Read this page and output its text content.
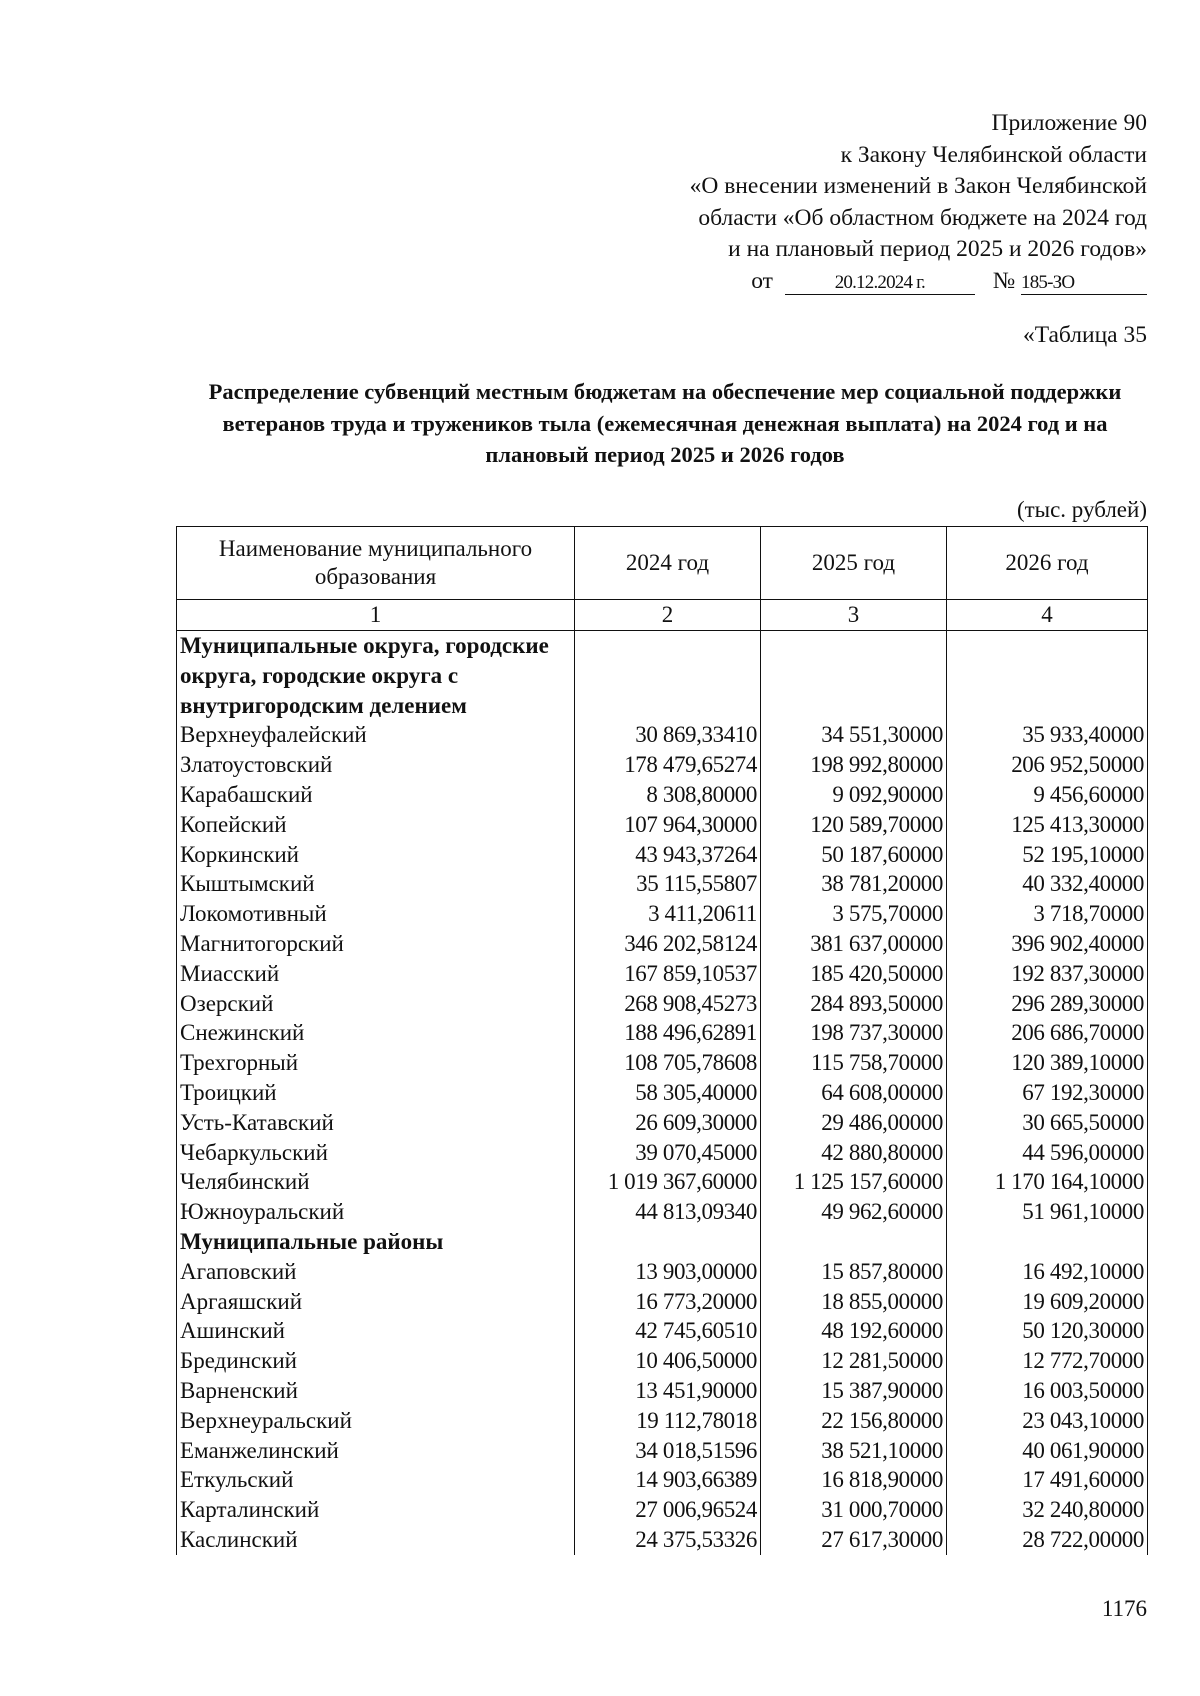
Приложение 90
к Закону Челябинской области
«О внесении изменений в Закон Челябинской
области «Об областном бюджете на 2024 год
и на плановый период 2025 и 2026 годов»
от	20.12.2024 г.	№ 185-ЗО
«Таблица 35
Распределение субвенций местным бюджетам на обеспечение мер социальной поддержки ветеранов труда и тружеников тыла (ежемесячная денежная выплата) на 2024 год и на плановый период 2025 и 2026 годов
(тыс. рублей)
Наименование муниципального образования	2024 год	2025 год	2026 год
1	2	3	4
Муниципальные округа, городские округа, городские округа с внутригородским делением			
Верхнеуфалейский	30 869,33410	34 551,30000	35 933,40000
Златоустовский	178 479,65274	198 992,80000	206 952,50000
Карабашский	8 308,80000	9 092,90000	9 456,60000
Копейский	107 964,30000	120 589,70000	125 413,30000
Коркинский	43 943,37264	50 187,60000	52 195,10000
Кыштымский	35 115,55807	38 781,20000	40 332,40000
Локомотивный	3 411,20611	3 575,70000	3 718,70000
Магнитогорский	346 202,58124	381 637,00000	396 902,40000
Миасский	167 859,10537	185 420,50000	192 837,30000
Озерский	268 908,45273	284 893,50000	296 289,30000
Снежинский	188 496,62891	198 737,30000	206 686,70000
Трехгорный	108 705,78608	115 758,70000	120 389,10000
Троицкий	58 305,40000	64 608,00000	67 192,30000
Усть-Катавский	26 609,30000	29 486,00000	30 665,50000
Чебаркульский	39 070,45000	42 880,80000	44 596,00000
Челябинский	1 019 367,60000	1 125 157,60000	1 170 164,10000
Южноуральский	44 813,09340	49 962,60000	51 961,10000
Муниципальные районы			
Агаповский	13 903,00000	15 857,80000	16 492,10000
Аргаяшский	16 773,20000	18 855,00000	19 609,20000
Ашинский	42 745,60510	48 192,60000	50 120,30000
Брединский	10 406,50000	12 281,50000	12 772,70000
Варненский	13 451,90000	15 387,90000	16 003,50000
Верхнеуральский	19 112,78018	22 156,80000	23 043,10000
Еманжелинский	34 018,51596	38 521,10000	40 061,90000
Еткульский	14 903,66389	16 818,90000	17 491,60000
Карталинский	27 006,96524	31 000,70000	32 240,80000
Каслинский	24 375,53326	27 617,30000	28 722,00000
1176
